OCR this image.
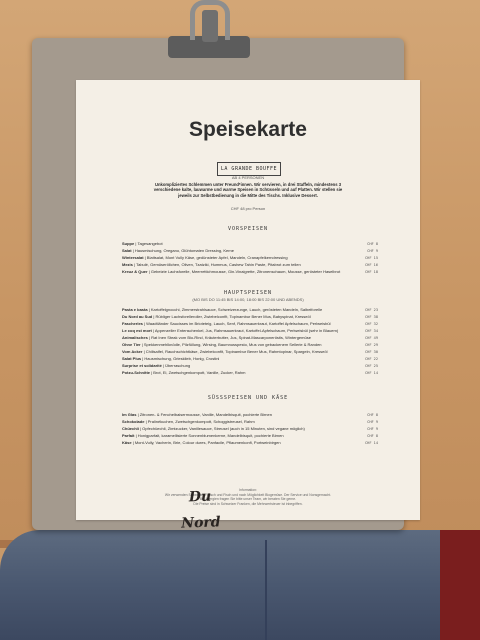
Speisekarte
LA GRANDE BOUFFE
AB 4 PERSONEN
Unkompliziertes Schlemmen unter Freund*innen. Wir servieren, in drei Staffeln, mindestens 3 verschiedene kalte, lauwarme und warme Speisen in Schüsseln und auf Platten. Wir stellen sie jeweils zur Selbstbedienung in die Mitte des Tischs. Inklusive Dessert.
CHF 48 pro Person
VORSPEISEN
Suppe | Tagesangebot	CHF 8
Salat | Hausmischung, Oregano, Glühtomaten Dressing, Kerne	CHF 9
Wintersalat | Blattsalat, Mont Vully Käse, gedünsteter Apfel, Mandeln, Cranapfelkerndressing	CHF 15
Mezis | Tabulé, Gemüseröllchen, Oliven, Tzatziki, Hummus, Cashew Tahin Paste, Pitabrot zum teilen	CHF 16
Kreuz & Quer | Gebeizte Lachsforelle, Meerrettichmousse, Gin-Vinaigrette, Zitronenschaum, Mousse, gerösteter Haselbrot	CHF 18
HAUPTSPEISEN
(MO BIS DO 11:45 BIS 14:00, 18:00 BIS 22:00 UND ABENDS)
Pasta e basta | Kartoffelgnocchi, Zimmerstrahlsauce, Schweizerzunge, Lauch, gerösteten Mandeln, Salbeiforelle	CHF 23
Du Nord au Sud | Rübliger Lachsforelleroller, Zwiebelconfit, Topinambur Bener Mus, Babyspinat, Kresseöl	CHF 38
Fascherles | Waadtländer Saucisses im Brioteteig, Lauch, Senf, Rahmsauerkraut, Kartoffel Apfelschaum, Perlweisbül	CHF 32
Le coq est mort | Appenzeller Entenschenkel, Jus, Rahmsauerkraut, Kartoffel-Apfelschaum, Perlweisbül (sehr in Blauem)	CHF 34
Animalisches | Rat Inen Steak vom Bio-Rind, Kräuterbutter, Jus, Spinat-Mascarponeröstis, Wintergemüse	CHF 49
Ohne Tier | Spekkenmehlknödle, Pilzfüllung, Wirsing, Baumnusspesto, Mus von gebackenem Sellerie & Randen	CHF 29
Vom Acker | Chilisalfel, Rauchschichtkäse, Zwiebelconfit, Topinambur Bener Mus, Rahmtopinar, Spargeln, Kresseöl	CHF 30
Salat Plus | Hausmischung, Griesklieb, Honig, Crostini	CHF 22
Surprise et solidarité | Überraschung	CHF 25
Potzu-Schnitte | Brot, Ei, Zwetschgenkompott, Vanille, Zucker, Rahm	CHF 14
SÜSSSPEISEN UND KÄSE
Im Glas | Zitronen- & Fenchelbaisermousse, Vanille, Mandelbisquit, pochierte Birnen	CHF 8
Schokolade | Pralinékuchen, Zwetschgenkompott, Schoggistreusel, Rahm	CHF 9
Chüechli | Opfechüechli, Zimtzucker, Vanillesauce, Streusel (auch in 15 Minuten, sind vegane möglich)	CHF 9
Parfait | Honigparfait, karamellisierte Sonnenblumenkerne, Mandelbisquit, pochierte Birnen	CHF 8
Käse | Mont-Vully, Vacherin, Brie, Colour dures, Panfacile, Pflaumenkonfi, Portweinbirgen	CHF 14
Information:
Wir verwenden Schweizer Fleisch und Fisch und nach Möglichkeit Biogemüse. Der Service und Nonsgemacht.
Bei Allergien fragen Sie bitte unser Team, wir beraten Sie gerne.
Die Preise sind in Schweizer Franken, die Mehrwertsteuer ist inbegriffen.
Du Nord
